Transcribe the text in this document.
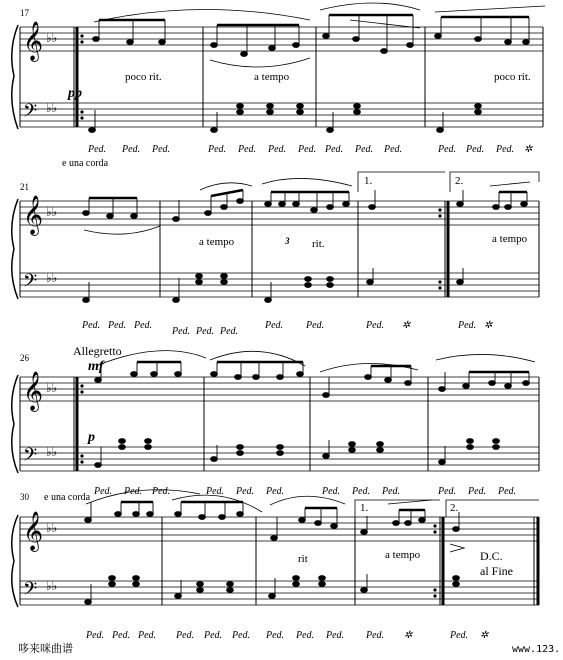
17
pp
poco rit.	a tempo	poco rit.
e una corda
𝄞
𝄢
♭♭
♭♭
Ped. Ped. Ped.	Ped. Ped. Ped. Ped. Ped. Ped. Ped.	Ped. Ped. Ped. ✲
21	1.	2.
a tempo	3 rit.	a tempo
𝄞
𝄢
♭♭
♭♭
Ped. Ped. Ped.
Ped. Ped. Ped.
Ped. Ped.	Ped. ✲	Ped. ✲
26	Allegretto
mf
p
𝄞
𝄢
♭♭
♭♭
Ped. Ped. Ped.	Ped. Ped. Ped.	Ped. Ped. Ped.	Ped. Ped. Ped.
30 e una corda
1.	2.
rit	a tempo	D.C.
al Fine
𝄞
𝄢
♭♭
♭♭
Ped. Ped. Ped. Ped. Ped. Ped. Ped. Ped. Ped. Ped. ✲	Ped. ✲
哆来咪曲谱	www.123.
